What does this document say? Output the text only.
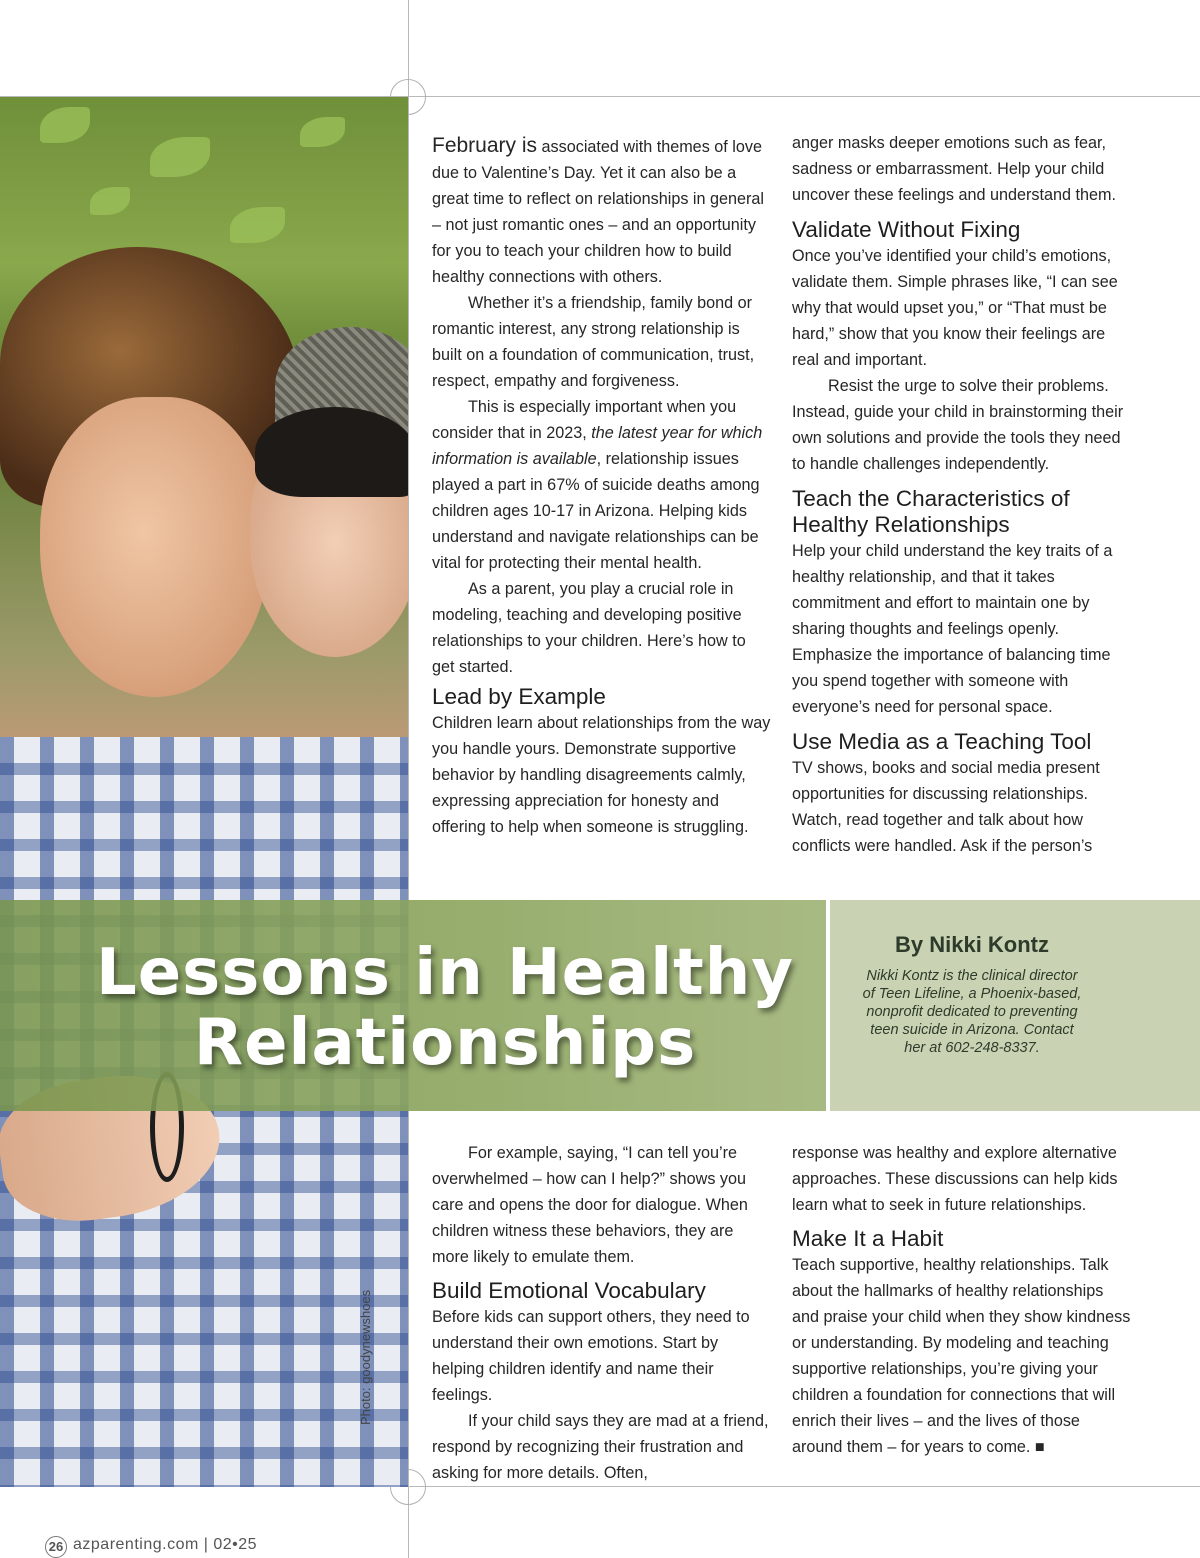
Photo: goodynewshoes

February is associated with themes of love due to Valentine’s Day. Yet it can also be a great time to reflect on relationships in general – not just romantic ones – and an opportunity for you to teach your children how to build healthy connections with others.

Whether it’s a friendship, family bond or romantic interest, any strong relationship is built on a foundation of communication, trust, respect, empathy and forgiveness.

This is especially important when you consider that in 2023, the latest year for which information is available, relationship issues played a part in 67% of suicide deaths among children ages 10-17 in Arizona. Helping kids understand and navigate relationships can be vital for protecting their mental health.

As a parent, you play a crucial role in modeling, teaching and developing positive relationships to your children. Here’s how to get started.

Lead by Example

Children learn about relationships from the way you handle yours. Demonstrate supportive behavior by handling disagreements calmly, expressing appreciation for honesty and offering to help when someone is struggling.

anger masks deeper emotions such as fear, sadness or embarrassment. Help your child uncover these feelings and understand them.

Validate Without Fixing

Once you’ve identified your child’s emotions, validate them. Simple phrases like, “I can see why that would upset you,” or “That must be hard,” show that you know their feelings are real and important.

Resist the urge to solve their problems. Instead, guide your child in brainstorming their own solutions and provide the tools they need to handle challenges independently.

Teach the Characteristics of Healthy Relationships

Help your child understand the key traits of a healthy relationship, and that it takes commitment and effort to maintain one by sharing thoughts and feelings openly. Emphasize the importance of balancing time you spend together with someone with everyone’s need for personal space.

Use Media as a Teaching Tool

TV shows, books and social media present opportunities for discussing relationships. Watch, read together and talk about how conflicts were handled. Ask if the person’s

Lessons in Healthy
Relationships
By Nikki Kontz
Nikki Kontz is the clinical director of Teen Lifeline, a Phoenix-based, nonprofit dedicated to preventing teen suicide in Arizona. Contact her at 602-248-8337.

For example, saying, “I can tell you’re overwhelmed – how can I help?” shows you care and opens the door for dialogue. When children witness these behaviors, they are more likely to emulate them.

Build Emotional Vocabulary

Before kids can support others, they need to understand their own emotions. Start by helping children identify and name their feelings.

If your child says they are mad at a friend, respond by recognizing their frustration and asking for more details. Often,

response was healthy and explore alternative approaches. These discussions can help kids learn what to seek in future relationships.

Make It a Habit

Teach supportive, healthy relationships. Talk about the hallmarks of healthy relationships and praise your child when they show kindness or understanding. By modeling and teaching supportive relationships, you’re giving your children a foundation for connections that will enrich their lives – and the lives of those around them – for years to come. ■

26 azparenting.com | 02•25
